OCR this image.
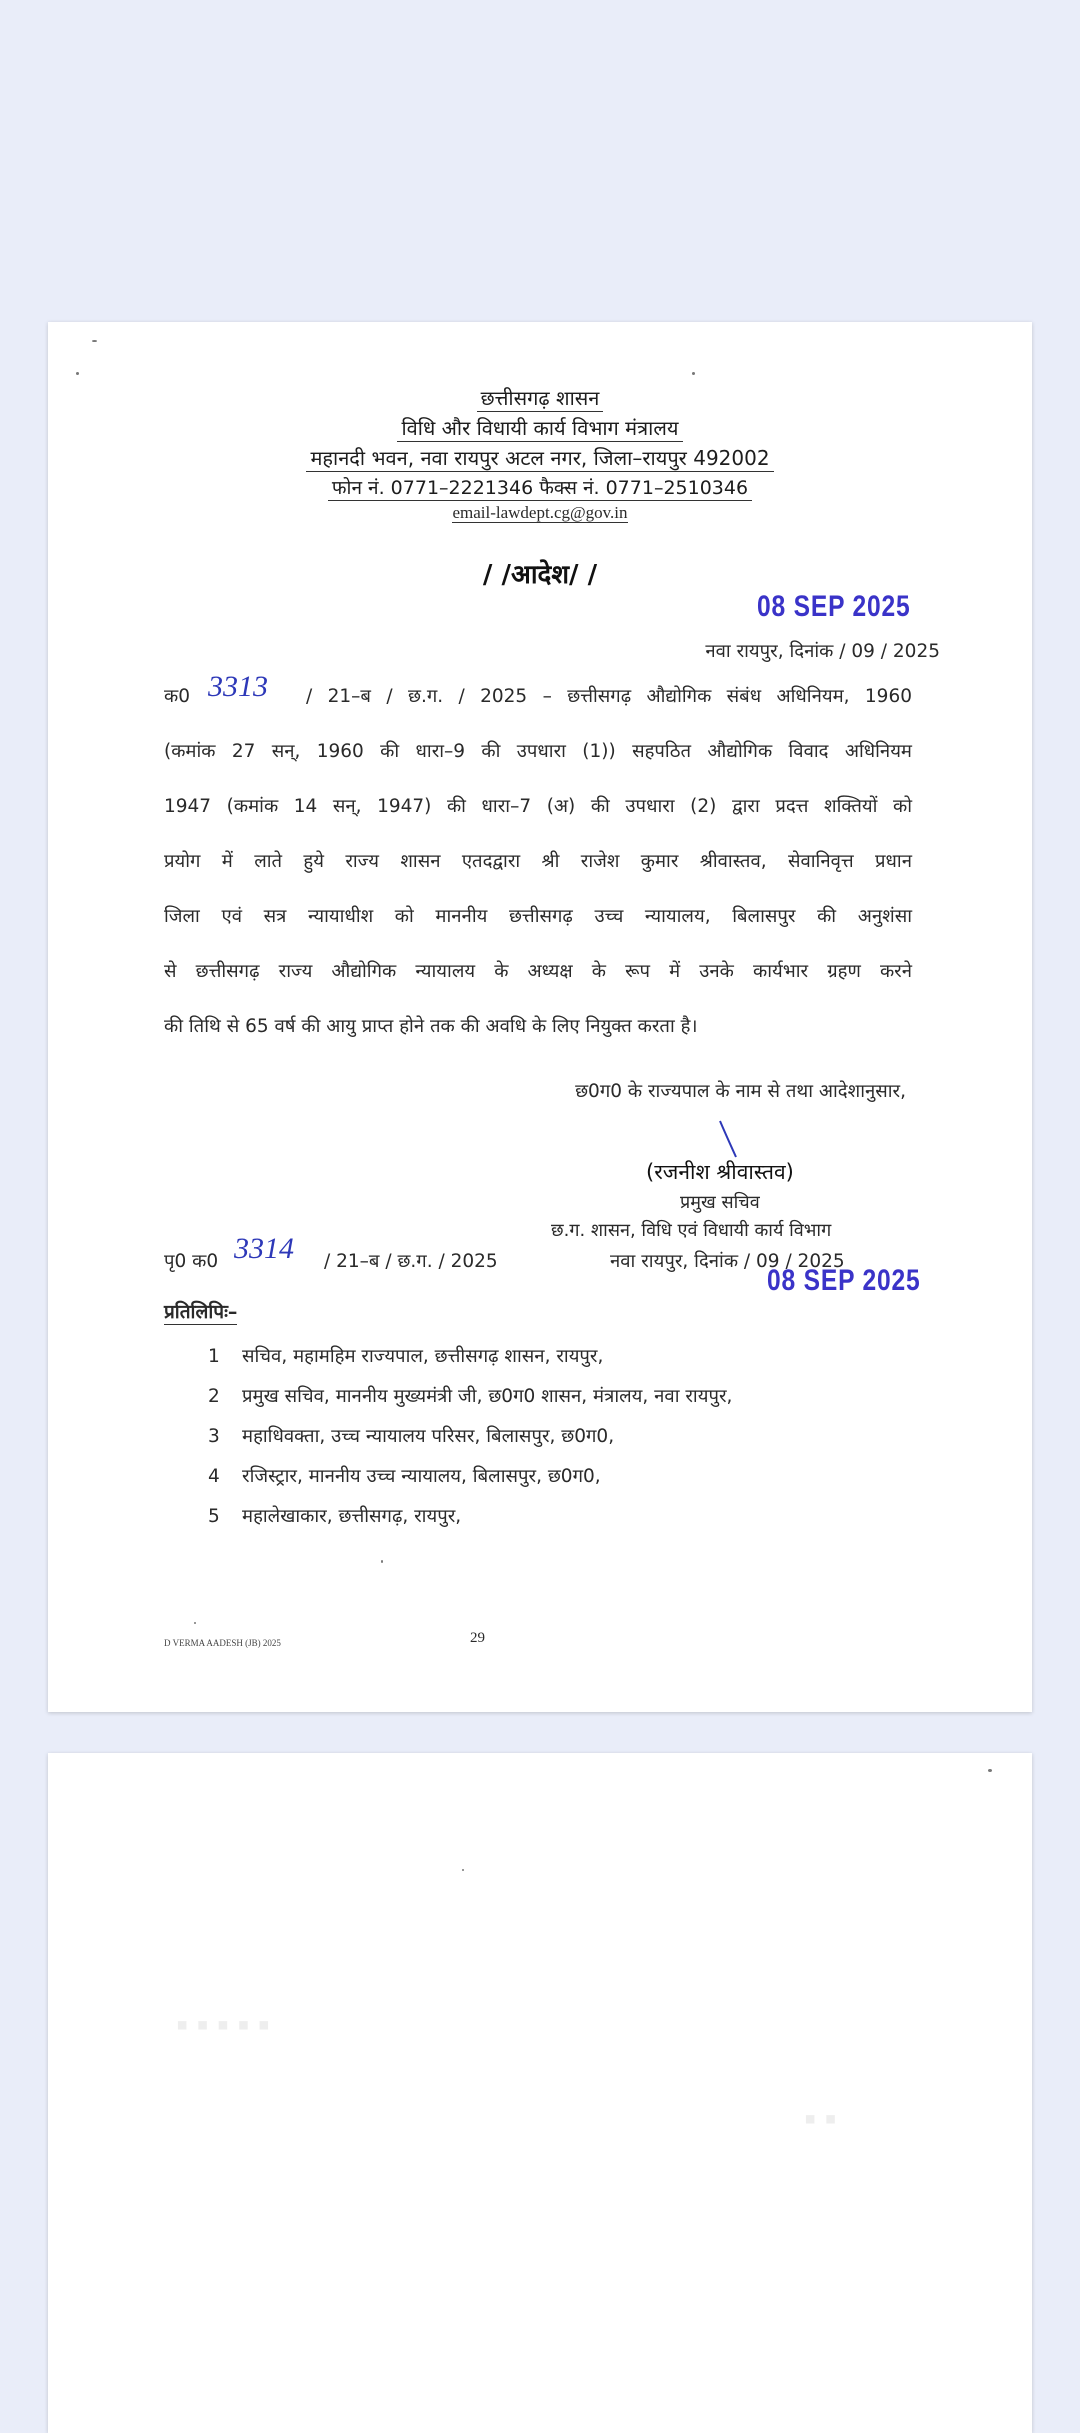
छत्तीसगढ़ शासन
विधि और विधायी कार्य विभाग मंत्रालय
महानदी भवन, नवा रायपुर अटल नगर, जिला–रायपुर 492002
फोन नं. 0771–2221346 फैक्स नं. 0771–2510346
email-lawdept.cg@gov.in
/ /आदेश/ /
08 SEP 2025
नवा रायपुर, दिनांक / 09 / 2025
क0 3313 / 21–ब / छ.ग. / 2025 – छत्तीसगढ़ औद्योगिक संबंध अधिनियम, 1960
(कमांक 27 सन्, 1960 की धारा–9 की उपधारा (1)) सहपठित औद्योगिक विवाद अधिनियम
1947 (कमांक 14 सन्, 1947) की धारा–7 (अ) की उपधारा (2) द्वारा प्रदत्त शक्तियों को
प्रयोग में लाते हुये राज्य शासन एतदद्वारा श्री राजेश कुमार श्रीवास्तव, सेवानिवृत्त प्रधान
जिला एवं सत्र न्यायाधीश को माननीय छत्तीसगढ़ उच्च न्यायालय, बिलासपुर की अनुशंसा
से छत्तीसगढ़ राज्य औद्योगिक न्यायालय के अध्यक्ष के रूप में उनके कार्यभार ग्रहण करने
की तिथि से 65 वर्ष की आयु प्राप्त होने तक की अवधि के लिए नियुक्त करता है।
छ0ग0 के राज्यपाल के नाम से तथा आदेशानुसार,
(रजनीश श्रीवास्तव)
प्रमुख सचिव
छ.ग. शासन, विधि एवं विधायी कार्य विभाग
पृ0 क0 3314 / 21–ब / छ.ग. / 2025	नवा रायपुर, दिनांक / 09 / 2025
08 SEP 2025
प्रतिलिपिः–
1 सचिव, महामहिम राज्यपाल, छत्तीसगढ़ शासन, रायपुर,
2 प्रमुख सचिव, माननीय मुख्यमंत्री जी, छ0ग0 शासन, मंत्रालय, नवा रायपुर,
3 महाधिवक्ता, उच्च न्यायालय परिसर, बिलासपुर, छ0ग0,
4 रजिस्ट्रार, माननीय उच्च न्यायालय, बिलासपुर, छ0ग0,
5 महालेखाकार, छत्तीसगढ़, रायपुर,
D VERMA AADESH (JB) 2025	29
▪▪▪▪▪
▪▪
